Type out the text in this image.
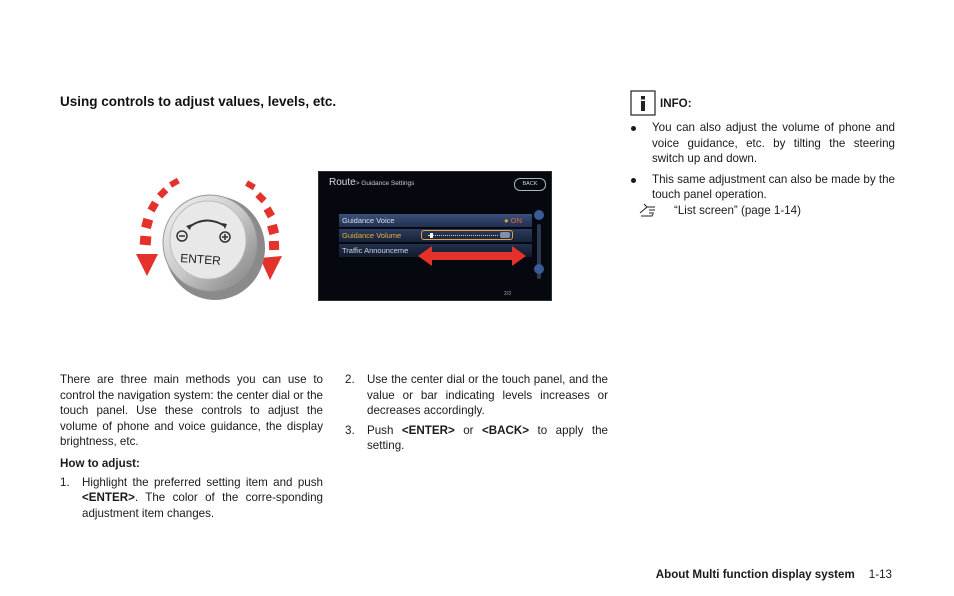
Using controls to adjust values, levels, etc.
ENTER
Route> Guidance Settings	BACK
Guidance Voice	● ON
Guidance Volume
Traffic Announceme
2/3
There are three main methods you can use to control the navigation system: the center dial or the touch panel. Use these controls to adjust the volume of phone and voice guidance, the display brightness, etc.
How to adjust:
1. Highlight the preferred setting item and push <ENTER>. The color of the corre-sponding adjustment item changes.
2. Use the center dial or the touch panel, and the value or bar indicating levels increases or decreases accordingly.
3. Push <ENTER> or <BACK> to apply the setting.
INFO:
You can also adjust the volume of phone and voice guidance, etc. by tilting the steering switch up and down.
This same adjustment can also be made by the touch panel operation.
“List screen” (page 1-14)
About Multi function display system 1-13
